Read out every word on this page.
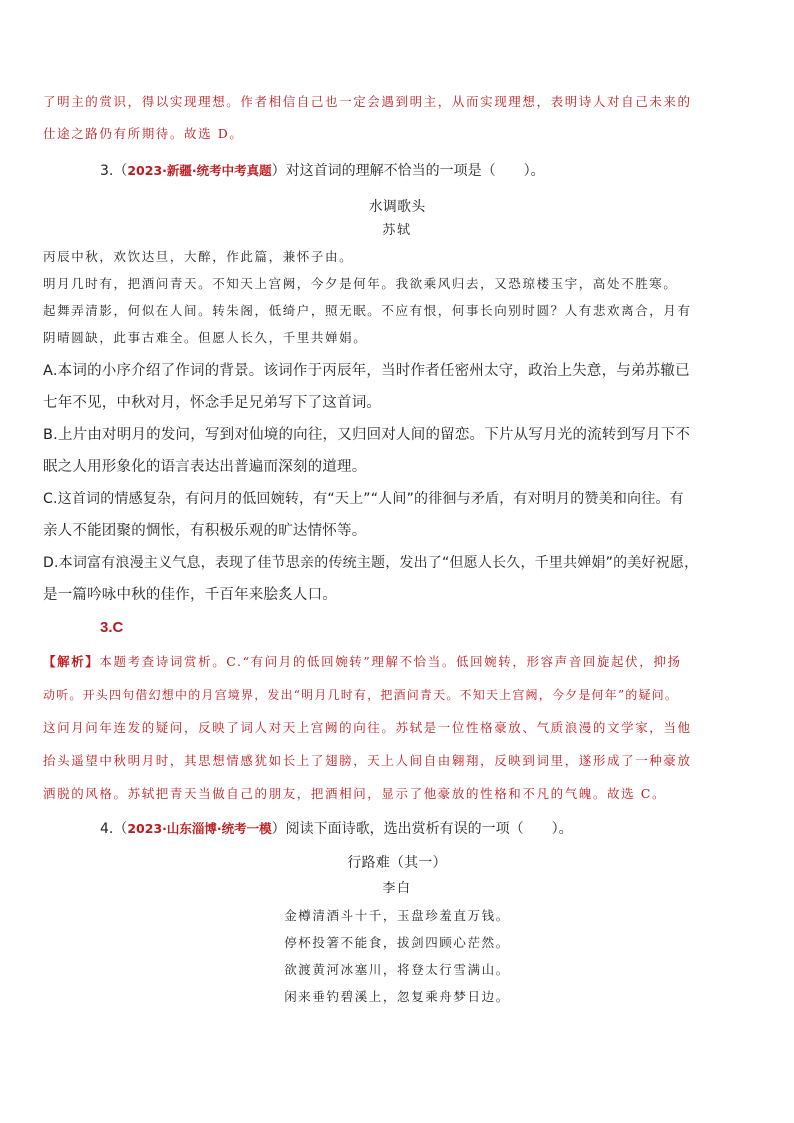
了明主的赏识，得以实现理想。作者相信自己也一定会遇到明主，从而实现理想，表明诗人对自己未来的
仕途之路仍有所期待。故选 D。
3.（2023·新疆·统考中考真题）对这首词的理解不恰当的一项是（　　）。
水调歌头
苏轼
丙辰中秋，欢饮达旦，大醉，作此篇，兼怀子由。
明月几时有，把酒问青天。不知天上宫阙，今夕是何年。我欲乘风归去，又恐琼楼玉宇，高处不胜寒。
起舞弄清影，何似在人间。转朱阁，低绮户，照无眠。不应有恨，何事长向别时圆？人有悲欢离合，月有
阴晴圆缺，此事古难全。但愿人长久，千里共婵娟。
A.本词的小序介绍了作词的背景。该词作于丙辰年，当时作者任密州太守，政治上失意，与弟苏辙已
七年不见，中秋对月，怀念手足兄弟写下了这首词。
B.上片由对明月的发问，写到对仙境的向往，又归回对人间的留恋。下片从写月光的流转到写月下不
眠之人用形象化的语言表达出普遍而深刻的道理。
C.这首词的情感复杂，有问月的低回婉转，有“天上”“人间”的徘徊与矛盾，有对明月的赞美和向往。有
亲人不能团聚的惆怅，有积极乐观的旷达情怀等。
D.本词富有浪漫主义气息，表现了佳节思亲的传统主题，发出了“但愿人长久，千里共婵娟”的美好祝愿，
是一篇吟咏中秋的佳作，千百年来脍炙人口。
3.C
【解析】本题考查诗词赏析。C.“有问月的低回婉转”理解不恰当。低回婉转，形容声音回旋起伏，抑扬
动听。开头四句借幻想中的月宫境界，发出“明月几时有，把酒问青天。不知天上宫阙，今夕是何年”的疑问。
这问月问年连发的疑问，反映了词人对天上宫阙的向往。苏轼是一位性格豪放、气质浪漫的文学家，当他
抬头遥望中秋明月时，其思想情感犹如长上了翅膀，天上人间自由翱翔，反映到词里，遂形成了一种豪放
洒脱的风格。苏轼把青天当做自己的朋友，把酒相问，显示了他豪放的性格和不凡的气魄。故选 C。
4.（2023·山东淄博·统考一模）阅读下面诗歌，选出赏析有误的一项（　　）。
行路难（其一）
李白
金樽清酒斗十千，玉盘珍羞直万钱。
停杯投箸不能食，拔剑四顾心茫然。
欲渡黄河冰塞川，将登太行雪满山。
闲来垂钓碧溪上，忽复乘舟梦日边。
